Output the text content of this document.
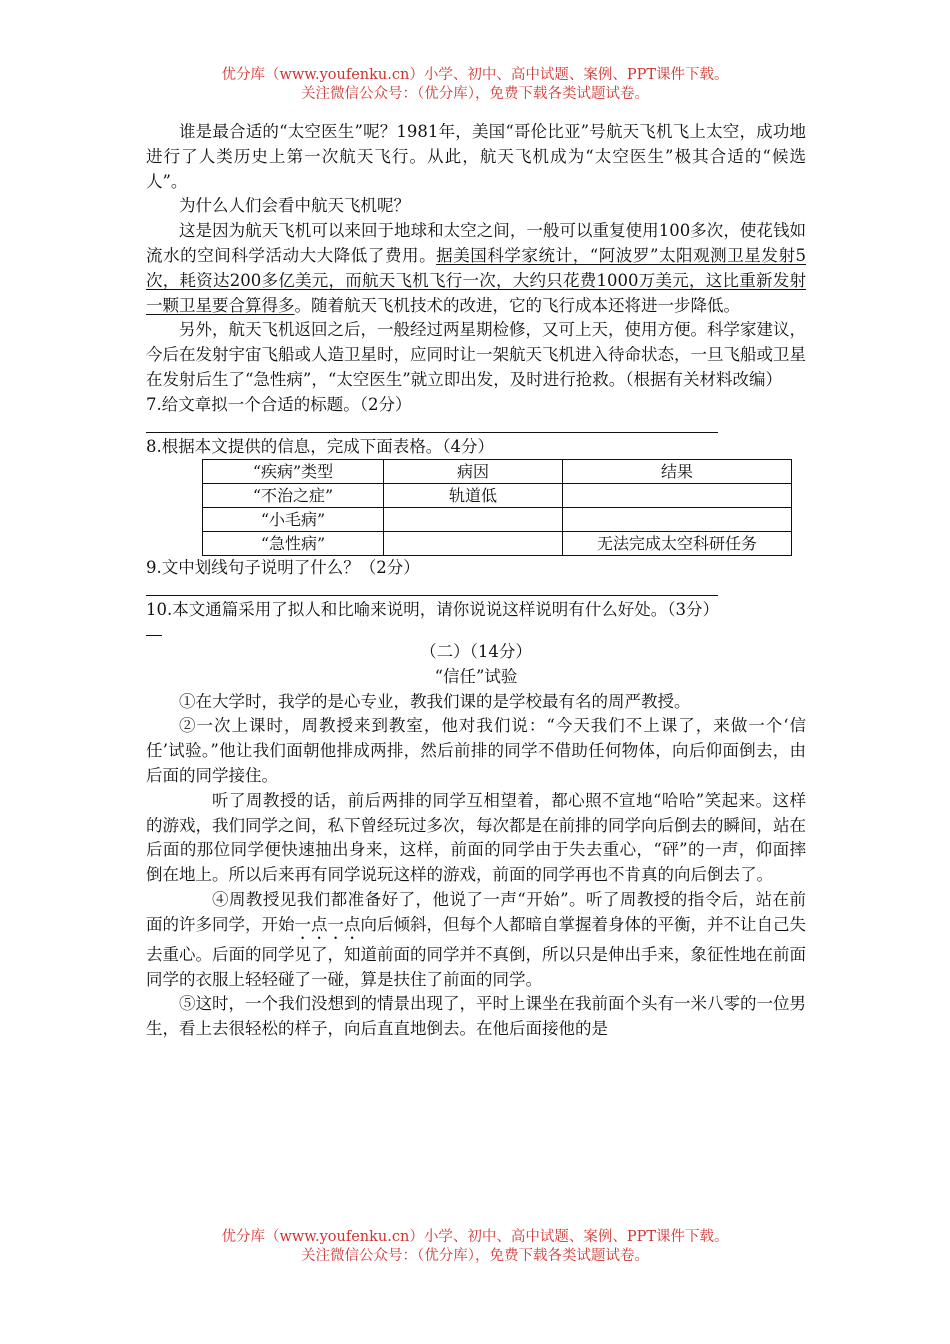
优分库（www.youfenku.cn）小学、初中、高中试题、案例、PPT课件下载。
关注微信公众号：（优分库），免费下载各类试题试卷。

谁是最合适的“太空医生”呢？1981年，美国“哥伦比亚”号航天飞机飞上太空，成功地进行了人类历史上第一次航天飞行。从此，航天飞机成为“太空医生”极其合适的“候选人”。

为什么人们会看中航天飞机呢？

这是因为航天飞机可以来回于地球和太空之间，一般可以重复使用100多次，使花钱如流水的空间科学活动大大降低了费用。据美国科学家统计，“阿波罗”太阳观测卫星发射5次，耗资达200多亿美元，而航天飞机飞行一次，大约只花费1000万美元，这比重新发射一颗卫星要合算得多。随着航天飞机技术的改进，它的飞行成本还将进一步降低。

另外，航天飞机返回之后，一般经过两星期检修，又可上天，使用方便。科学家建议，今后在发射宇宙飞船或人造卫星时，应同时让一架航天飞机进入待命状态，一旦飞船或卫星在发射后生了“急性病”，“太空医生”就立即出发，及时进行抢救。（根据有关材料改编）

7.给文章拟一个合适的标题。（2分）

8.根据本文提供的信息，完成下面表格。（4分）

“疾病”类型	病因	结果
“不治之症”	轨道低	
“小毛病”		
“急性病”		无法完成太空科研任务

9.文中划线句子说明了什么？（2分）

10.本文通篇采用了拟人和比喻来说明，请你说说这样说明有什么好处。（3分）

（二）（14分）

“信任”试验

①在大学时，我学的是心专业，教我们课的是学校最有名的周严教授。

②一次上课时，周教授来到教室，他对我们说：“今天我们不上课了，来做一个‘信任’试验。”他让我们面朝他排成两排，然后前排的同学不借助任何物体，向后仰面倒去，由后面的同学接住。

听了周教授的话，前后两排的同学互相望着，都心照不宣地“哈哈”笑起来。这样的游戏，我们同学之间，私下曾经玩过多次，每次都是在前排的同学向后倒去的瞬间，站在后面的那位同学便快速抽出身来，这样，前面的同学由于失去重心，“砰”的一声，仰面摔倒在地上。所以后来再有同学说玩这样的游戏，前面的同学再也不肯真的向后倒去了。

④周教授见我们都准备好了，他说了一声“开始”。听了周教授的指令后，站在前面的许多同学，开始一点一点向后倾斜，但每个人都暗自掌握着身体的平衡，并不让自己失去重心。后面的同学见了，知道前面的同学并不真倒，所以只是伸出手来，象征性地在前面同学的衣服上轻轻碰了一碰，算是扶住了前面的同学。

⑤这时，一个我们没想到的情景出现了，平时上课坐在我前面个头有一米八零的一位男生，看上去很轻松的样子，向后直直地倒去。在他后面接他的是

优分库（www.youfenku.cn）小学、初中、高中试题、案例、PPT课件下载。
关注微信公众号：（优分库），免费下载各类试题试卷。
